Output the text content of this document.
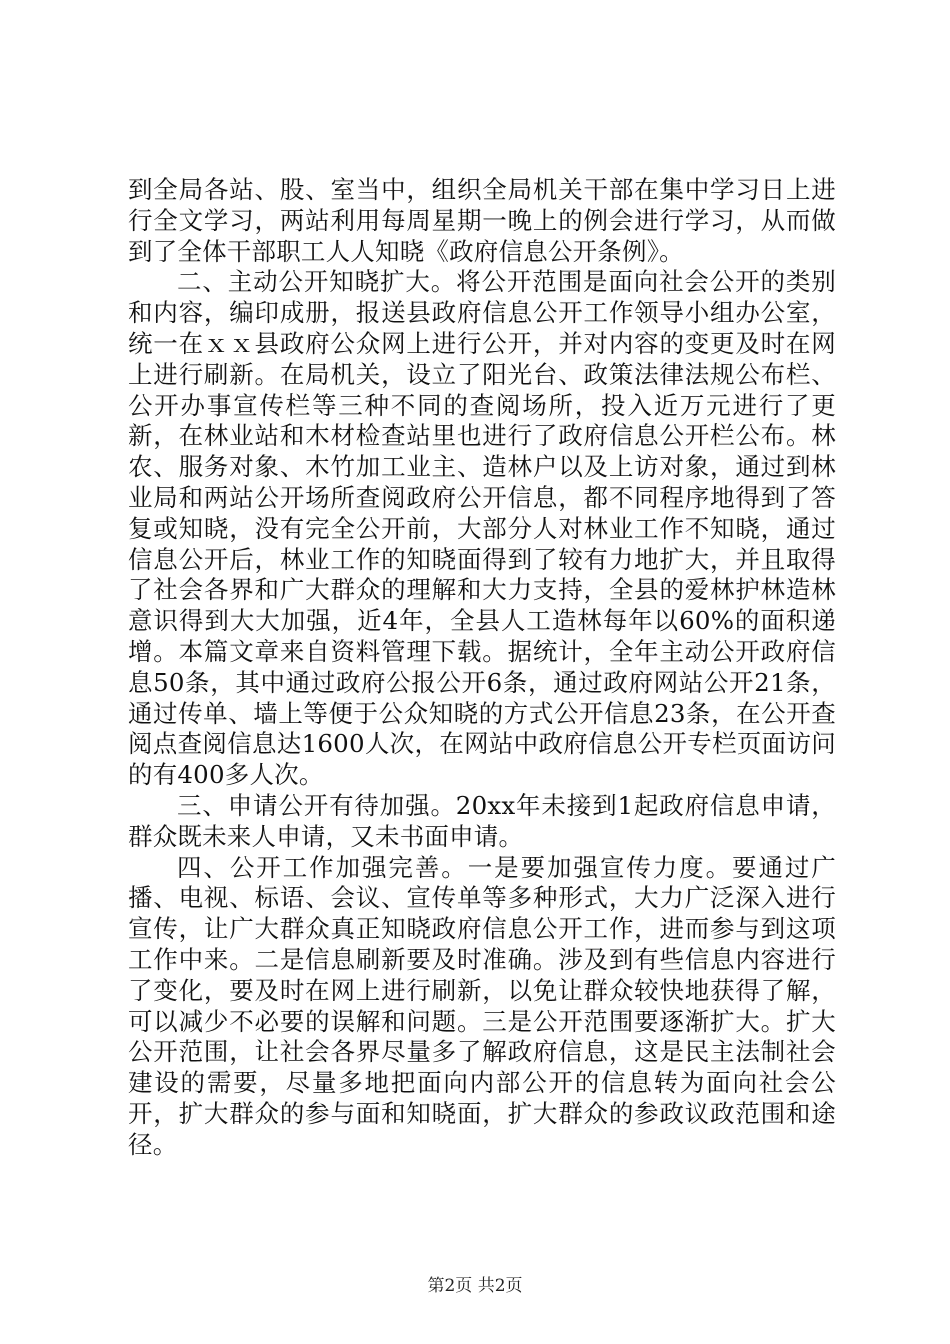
到全局各站、股、室当中，组织全局机关干部在集中学习日上进行全文学习，两站利用每周星期一晚上的例会进行学习，从而做到了全体干部职工人人知晓《政府信息公开条例》。

二、主动公开知晓扩大。将公开范围是面向社会公开的类别和内容，编印成册，报送县政府信息公开工作领导小组办公室，统一在ｘｘ县政府公众网上进行公开，并对内容的变更及时在网上进行刷新。在局机关，设立了阳光台、政策法律法规公布栏、公开办事宣传栏等三种不同的查阅场所，投入近万元进行了更新，在林业站和木材检查站里也进行了政府信息公开栏公布。林农、服务对象、木竹加工业主、造林户以及上访对象，通过到林业局和两站公开场所查阅政府公开信息，都不同程序地得到了答复或知晓，没有完全公开前，大部分人对林业工作不知晓，通过信息公开后，林业工作的知晓面得到了较有力地扩大，并且取得了社会各界和广大群众的理解和大力支持，全县的爱林护林造林意识得到大大加强，近4年，全县人工造林每年以60%的面积递增。本篇文章来自资料管理下载。据统计，全年主动公开政府信息50条，其中通过政府公报公开6条，通过政府网站公开21条，通过传单、墙上等便于公众知晓的方式公开信息23条，在公开查阅点查阅信息达1600人次，在网站中政府信息公开专栏页面访问的有400多人次。

三、申请公开有待加强。20xx年未接到1起政府信息申请，群众既未来人申请，又未书面申请。

四、公开工作加强完善。一是要加强宣传力度。要通过广播、电视、标语、会议、宣传单等多种形式，大力广泛深入进行宣传，让广大群众真正知晓政府信息公开工作，进而参与到这项工作中来。二是信息刷新要及时准确。涉及到有些信息内容进行了变化，要及时在网上进行刷新，以免让群众较快地获得了解，可以减少不必要的误解和问题。三是公开范围要逐渐扩大。扩大公开范围，让社会各界尽量多了解政府信息，这是民主法制社会建设的需要，尽量多地把面向内部公开的信息转为面向社会公开，扩大群众的参与面和知晓面，扩大群众的参政议政范围和途径。

第2页 共2页
